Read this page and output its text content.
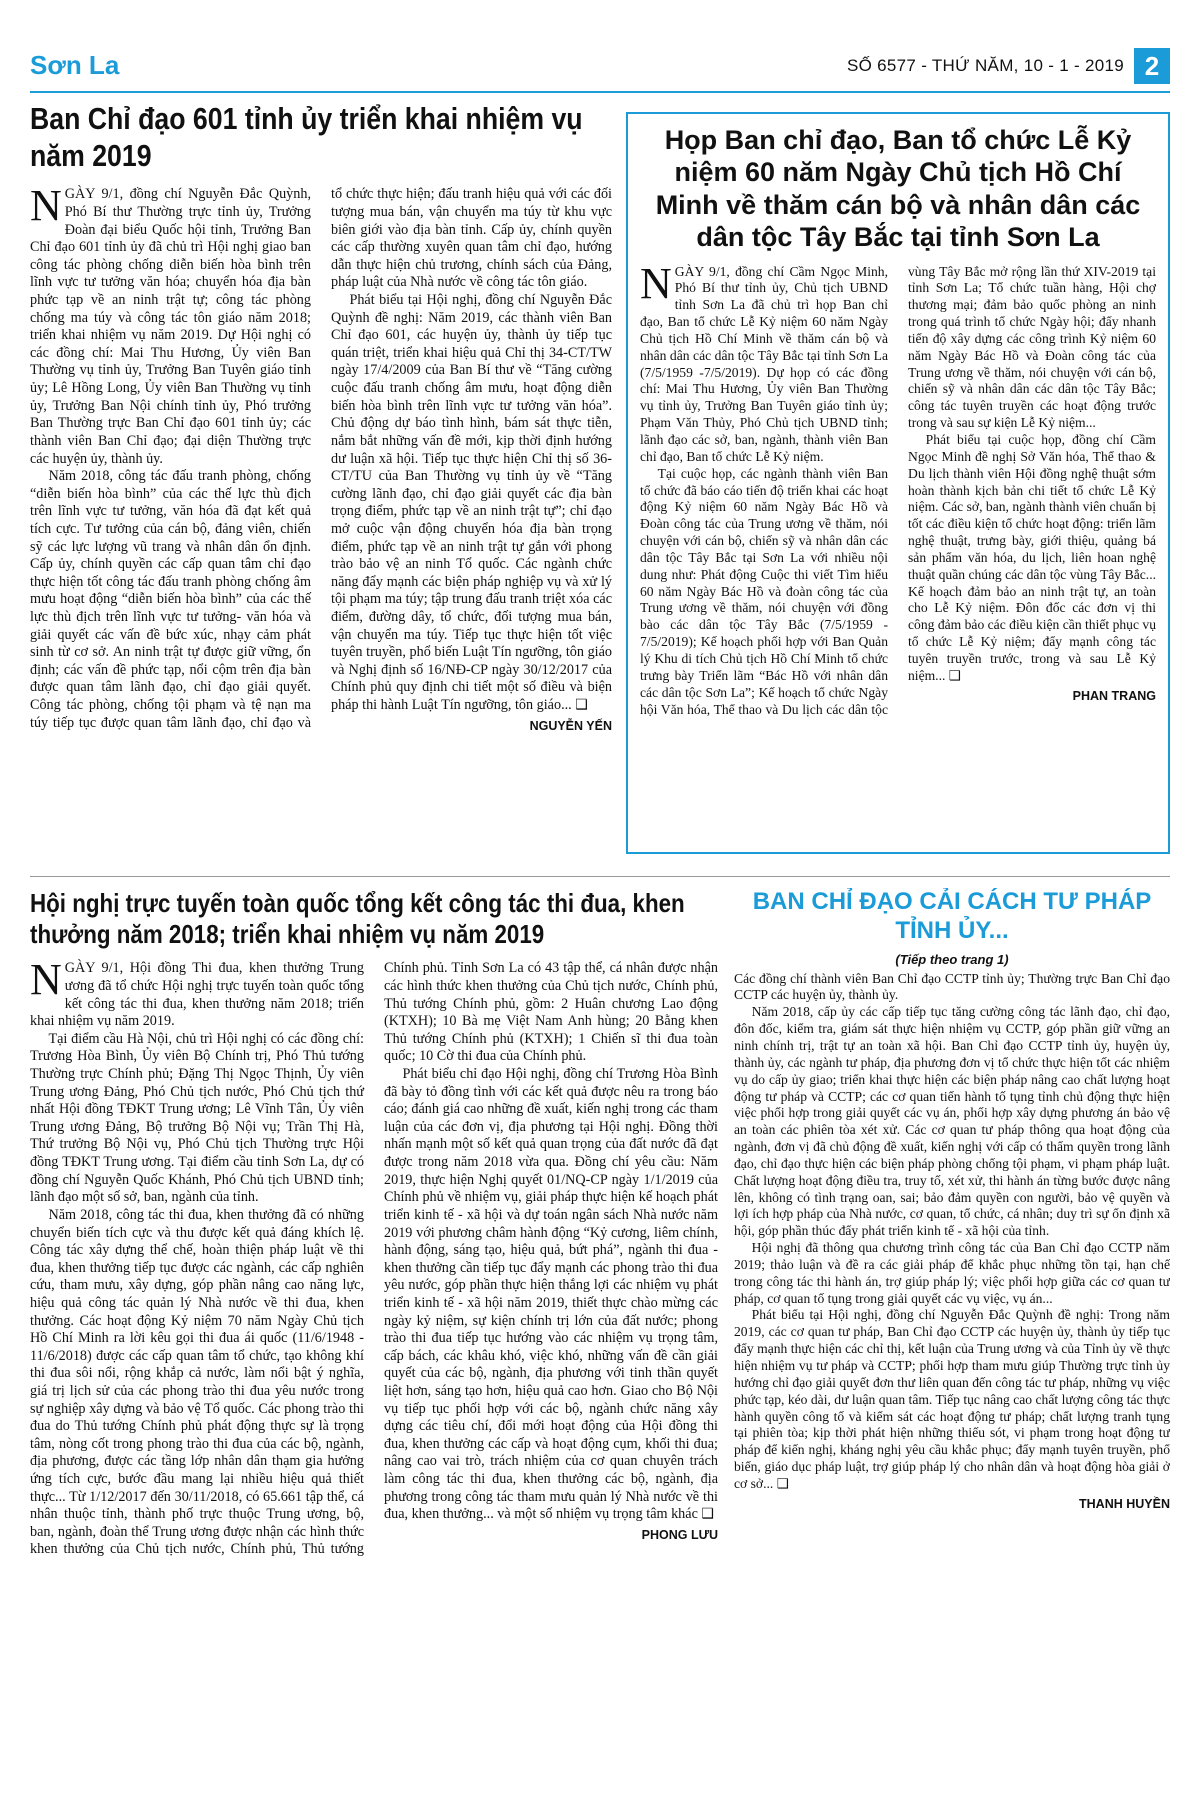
Sơn La	SỐ 6577 - THỨ NĂM, 10 - 1 - 2019 2
Ban Chỉ đạo 601 tỉnh ủy triển khai nhiệm vụ năm 2019

NGÀY 9/1, đồng chí Nguyễn Đắc Quỳnh, Phó Bí thư Thường trực tỉnh ủy, Trưởng Đoàn đại biểu Quốc hội tỉnh, Trưởng Ban Chỉ đạo 601 tỉnh ủy đã chủ trì Hội nghị giao ban công tác phòng chống diễn biến hòa bình trên lĩnh vực tư tưởng văn hóa; chuyển hóa địa bàn phức tạp về an ninh trật tự; công tác phòng chống ma túy và công tác tôn giáo năm 2018; triển khai nhiệm vụ năm 2019. Dự Hội nghị có các đồng chí: Mai Thu Hương, Ủy viên Ban Thường vụ tỉnh ủy, Trưởng Ban Tuyên giáo tỉnh ủy; Lê Hồng Long, Ủy viên Ban Thường vụ tỉnh ủy, Trưởng Ban Nội chính tỉnh ủy, Phó trưởng Ban Thường trực Ban Chỉ đạo 601 tỉnh ủy; các thành viên Ban Chỉ đạo; đại diện Thường trực các huyện ủy, thành ủy.

Năm 2018, công tác đấu tranh phòng, chống “diễn biến hòa bình” của các thế lực thù địch trên lĩnh vực tư tưởng, văn hóa đã đạt kết quả tích cực. Tư tưởng của cán bộ, đảng viên, chiến sỹ các lực lượng vũ trang và nhân dân ổn định. Cấp ủy, chính quyền các cấp quan tâm chỉ đạo thực hiện tốt công tác đấu tranh phòng chống âm mưu hoạt động “diễn biến hòa bình” của các thế lực thù địch trên lĩnh vực tư tưởng- văn hóa và giải quyết các vấn đề bức xúc, nhạy cảm phát sinh từ cơ sở. An ninh trật tự được giữ vững, ổn định; các vấn đề phức tạp, nổi cộm trên địa bàn được quan tâm lãnh đạo, chỉ đạo giải quyết. Công tác phòng, chống tội phạm và tệ nạn ma túy tiếp tục được quan tâm lãnh đạo, chỉ đạo và tổ chức thực hiện; đấu tranh hiệu quả với các đối tượng mua bán, vận chuyển ma túy từ khu vực biên giới vào địa bàn tỉnh. Cấp ủy, chính quyền các cấp thường xuyên quan tâm chỉ đạo, hướng dẫn thực hiện chủ trương, chính sách của Đảng, pháp luật của Nhà nước về công tác tôn giáo.

Phát biểu tại Hội nghị, đồng chí Nguyễn Đắc Quỳnh đề nghị: Năm 2019, các thành viên Ban Chỉ đạo 601, các huyện ủy, thành ủy tiếp tục quán triệt, triển khai hiệu quả Chỉ thị 34-CT/TW ngày 17/4/2009 của Ban Bí thư về “Tăng cường cuộc đấu tranh chống âm mưu, hoạt động diễn biến hòa bình trên lĩnh vực tư tưởng văn hóa”. Chủ động dự báo tình hình, bám sát thực tiễn, nắm bắt những vấn đề mới, kịp thời định hướng dư luận xã hội. Tiếp tục thực hiện Chỉ thị số 36-CT/TU của Ban Thường vụ tỉnh ủy về “Tăng cường lãnh đạo, chỉ đạo giải quyết các địa bàn trọng điểm, phức tạp về an ninh trật tự”; chỉ đạo mở cuộc vận động chuyển hóa địa bàn trọng điểm, phức tạp về an ninh trật tự gắn với phong trào bảo vệ an ninh Tổ quốc. Các ngành chức năng đẩy mạnh các biện pháp nghiệp vụ và xử lý tội phạm ma túy; tập trung đấu tranh triệt xóa các điểm, đường dây, tổ chức, đối tượng mua bán, vận chuyển ma túy. Tiếp tục thực hiện tốt việc tuyên truyền, phổ biến Luật Tín ngưỡng, tôn giáo và Nghị định số 16/NĐ-CP ngày 30/12/2017 của Chính phủ quy định chi tiết một số điều và biện pháp thi hành Luật Tín ngưỡng, tôn giáo... ❑

NGUYỄN YẾN
Họp Ban chỉ đạo, Ban tổ chức Lễ Kỷ niệm 60 năm Ngày Chủ tịch Hồ Chí Minh về thăm cán bộ và nhân dân các dân tộc Tây Bắc tại tỉnh Sơn La

NGÀY 9/1, đồng chí Cầm Ngọc Minh, Phó Bí thư tỉnh ủy, Chủ tịch UBND tỉnh Sơn La đã chủ trì họp Ban chỉ đạo, Ban tổ chức Lễ Kỷ niệm 60 năm Ngày Chủ tịch Hồ Chí Minh về thăm cán bộ và nhân dân các dân tộc Tây Bắc tại tỉnh Sơn La (7/5/1959 -7/5/2019). Dự họp có các đồng chí: Mai Thu Hương, Ủy viên Ban Thường vụ tỉnh ủy, Trưởng Ban Tuyên giáo tỉnh ủy; Phạm Văn Thủy, Phó Chủ tịch UBND tỉnh; lãnh đạo các sở, ban, ngành, thành viên Ban chỉ đạo, Ban tổ chức Lễ Kỷ niệm.

Tại cuộc họp, các ngành thành viên Ban tổ chức đã báo cáo tiến độ triển khai các hoạt động Kỷ niệm 60 năm Ngày Bác Hồ và Đoàn công tác của Trung ương về thăm, nói chuyện với cán bộ, chiến sỹ và nhân dân các dân tộc Tây Bắc tại Sơn La với nhiều nội dung như: Phát động Cuộc thi viết Tìm hiểu 60 năm Ngày Bác Hồ và đoàn công tác của Trung ương về thăm, nói chuyện với đồng bào các dân tộc Tây Bắc (7/5/1959 - 7/5/2019); Kế hoạch phối hợp với Ban Quản lý Khu di tích Chủ tịch Hồ Chí Minh tổ chức trưng bày Triển lãm “Bác Hồ với nhân dân các dân tộc Sơn La”; Kế hoạch tổ chức Ngày hội Văn hóa, Thể thao và Du lịch các dân tộc vùng Tây Bắc mở rộng lần thứ XIV-2019 tại tỉnh Sơn La; Tổ chức tuần hàng, Hội chợ thương mại; đảm bảo quốc phòng an ninh trong quá trình tổ chức Ngày hội; đẩy nhanh tiến độ xây dựng các công trình Kỷ niệm 60 năm Ngày Bác Hồ và Đoàn công tác của Trung ương về thăm, nói chuyện với cán bộ, chiến sỹ và nhân dân các dân tộc Tây Bắc; công tác tuyên truyền các hoạt động trước trong và sau sự kiện Lễ Kỷ niệm...

Phát biểu tại cuộc họp, đồng chí Cầm Ngọc Minh đề nghị Sở Văn hóa, Thể thao & Du lịch thành viên Hội đồng nghệ thuật sớm hoàn thành kịch bản chi tiết tổ chức Lễ Kỷ niệm. Các sở, ban, ngành thành viên chuẩn bị tốt các điều kiện tổ chức hoạt động: triển lãm nghệ thuật, trưng bày, giới thiệu, quảng bá sản phẩm văn hóa, du lịch, liên hoan nghệ thuật quần chúng các dân tộc vùng Tây Bắc... Kế hoạch đảm bảo an ninh trật tự, an toàn cho Lễ Kỷ niệm. Đôn đốc các đơn vị thi công đảm bảo các điều kiện cần thiết phục vụ tổ chức Lễ Kỷ niệm; đẩy mạnh công tác tuyên truyền trước, trong và sau Lễ Kỷ niệm... ❑

PHAN TRANG
Hội nghị trực tuyến toàn quốc tổng kết công tác thi đua, khen thưởng năm 2018; triển khai nhiệm vụ năm 2019

NGÀY 9/1, Hội đồng Thi đua, khen thưởng Trung ương đã tổ chức Hội nghị trực tuyến toàn quốc tổng kết công tác thi đua, khen thưởng năm 2018; triển khai nhiệm vụ năm 2019.

Tại điểm cầu Hà Nội, chủ trì Hội nghị có các đồng chí: Trương Hòa Bình, Ủy viên Bộ Chính trị, Phó Thủ tướng Thường trực Chính phủ; Đặng Thị Ngọc Thịnh, Ủy viên Trung ương Đảng, Phó Chủ tịch nước, Phó Chủ tịch thứ nhất Hội đồng TĐKT Trung ương; Lê Vĩnh Tân, Ủy viên Trung ương Đảng, Bộ trưởng Bộ Nội vụ; Trần Thị Hà, Thứ trưởng Bộ Nội vụ, Phó Chủ tịch Thường trực Hội đồng TĐKT Trung ương. Tại điểm cầu tỉnh Sơn La, dự có đồng chí Nguyễn Quốc Khánh, Phó Chủ tịch UBND tỉnh; lãnh đạo một số sở, ban, ngành của tỉnh.

Năm 2018, công tác thi đua, khen thưởng đã có những chuyển biến tích cực và thu được kết quả đáng khích lệ. Công tác xây dựng thể chế, hoàn thiện pháp luật về thi đua, khen thưởng tiếp tục được các ngành, các cấp nghiên cứu, tham mưu, xây dựng, góp phần nâng cao năng lực, hiệu quả công tác quản lý Nhà nước về thi đua, khen thưởng. Các hoạt động Kỷ niệm 70 năm Ngày Chủ tịch Hồ Chí Minh ra lời kêu gọi thi đua ái quốc (11/6/1948 - 11/6/2018) được các cấp quan tâm tổ chức, tạo không khí thi đua sôi nổi, rộng khắp cả nước, làm nổi bật ý nghĩa, giá trị lịch sử của các phong trào thi đua yêu nước trong sự nghiệp xây dựng và bảo vệ Tổ quốc. Các phong trào thi đua do Thủ tướng Chính phủ phát động thực sự là trọng tâm, nòng cốt trong phong trào thi đua của các bộ, ngành, địa phương, được các tầng lớp nhân dân thạm gia hưởng ứng tích cực, bước đầu mang lại nhiều hiệu quả thiết thực... Từ 1/12/2017 đến 30/11/2018, có 65.661 tập thể, cá nhân thuộc tỉnh, thành phố trực thuộc Trung ương, bộ, ban, ngành, đoàn thể Trung ương được nhận các hình thức khen thưởng của Chủ tịch nước, Chính phủ, Thủ tướng Chính phủ. Tỉnh Sơn La có 43 tập thể, cá nhân được nhận các hình thức khen thưởng của Chủ tịch nước, Chính phủ, Thủ tướng Chính phủ, gồm: 2 Huân chương Lao động (KTXH); 10 Bà mẹ Việt Nam Anh hùng; 20 Bằng khen Thủ tướng Chính phủ (KTXH); 1 Chiến sĩ thi đua toàn quốc; 10 Cờ thi đua của Chính phủ.

Phát biểu chỉ đạo Hội nghị, đồng chí Trương Hòa Bình đã bày tỏ đồng tình với các kết quả được nêu ra trong báo cáo; đánh giá cao những đề xuất, kiến nghị trong các tham luận của các đơn vị, địa phương tại Hội nghị. Đồng thời nhấn mạnh một số kết quả quan trọng của đất nước đã đạt được trong năm 2018 vừa qua. Đồng chí yêu cầu: Năm 2019, thực hiện Nghị quyết 01/NQ-CP ngày 1/1/2019 của Chính phủ về nhiệm vụ, giải pháp thực hiện kế hoạch phát triển kinh tế - xã hội và dự toán ngân sách Nhà nước năm 2019 với phương châm hành động “Kỷ cương, liêm chính, hành động, sáng tạo, hiệu quả, bứt phá”, ngành thi đua - khen thưởng cần tiếp tục đẩy mạnh các phong trào thi đua yêu nước, góp phần thực hiện thắng lợi các nhiệm vụ phát triển kinh tế - xã hội năm 2019, thiết thực chào mừng các ngày kỷ niệm, sự kiện chính trị lớn của đất nước; phong trào thi đua tiếp tục hướng vào các nhiệm vụ trọng tâm, cấp bách, các khâu khó, việc khó, những vấn đề cần giải quyết của các bộ, ngành, địa phương với tinh thần quyết liệt hơn, sáng tạo hơn, hiệu quả cao hơn. Giao cho Bộ Nội vụ tiếp tục phối hợp với các bộ, ngành chức năng xây dựng các tiêu chí, đổi mới hoạt động của Hội đồng thi đua, khen thưởng các cấp và hoạt động cụm, khối thi đua; nâng cao vai trò, trách nhiệm của cơ quan chuyên trách làm công tác thi đua, khen thưởng các bộ, ngành, địa phương trong công tác tham mưu quản lý Nhà nước về thi đua, khen thưởng... và một số nhiệm vụ trọng tâm khác ❑

PHONG LƯU
BAN CHỈ ĐẠO CẢI CÁCH TƯ PHÁP TỈNH ỦY...
(Tiếp theo trang 1)

Các đồng chí thành viên Ban Chỉ đạo CCTP tỉnh ủy; Thường trực Ban Chỉ đạo CCTP các huyện ủy, thành ủy.

Năm 2018, cấp ủy các cấp tiếp tục tăng cường công tác lãnh đạo, chỉ đạo, đôn đốc, kiểm tra, giám sát thực hiện nhiệm vụ CCTP, góp phần giữ vững an ninh chính trị, trật tự an toàn xã hội. Ban Chỉ đạo CCTP tỉnh ủy, huyện ủy, thành ủy, các ngành tư pháp, địa phương đơn vị tổ chức thực hiện tốt các nhiệm vụ do cấp ủy giao; triển khai thực hiện các biện pháp nâng cao chất lượng hoạt động tư pháp và CCTP; các cơ quan tiến hành tố tụng tỉnh chủ động thực hiện việc phối hợp trong giải quyết các vụ án, phối hợp xây dựng phương án bảo vệ an toàn các phiên tòa xét xử. Các cơ quan tư pháp thông qua hoạt động của ngành, đơn vị đã chủ động đề xuất, kiến nghị với cấp có thẩm quyền trong lãnh đạo, chỉ đạo thực hiện các biện pháp phòng chống tội phạm, vi phạm pháp luật. Chất lượng hoạt động điều tra, truy tố, xét xử, thi hành án từng bước được nâng lên, không có tình trạng oan, sai; bảo đảm quyền con người, bảo vệ quyền và lợi ích hợp pháp của Nhà nước, cơ quan, tổ chức, cá nhân; duy trì sự ổn định xã hội, góp phần thúc đẩy phát triển kinh tế - xã hội của tỉnh.

Hội nghị đã thông qua chương trình công tác của Ban Chỉ đạo CCTP năm 2019; thảo luận và đề ra các giải pháp để khắc phục những tồn tại, hạn chế trong công tác thi hành án, trợ giúp pháp lý; việc phối hợp giữa các cơ quan tư pháp, cơ quan tố tụng trong giải quyết các vụ việc, vụ án...

Phát biểu tại Hội nghị, đồng chí Nguyễn Đắc Quỳnh đề nghị: Trong năm 2019, các cơ quan tư pháp, Ban Chỉ đạo CCTP các huyện ủy, thành ủy tiếp tục đẩy mạnh thực hiện các chỉ thị, kết luận của Trung ương và của Tỉnh ủy về thực hiện nhiệm vụ tư pháp và CCTP; phối hợp tham mưu giúp Thường trực tỉnh ủy hướng chỉ đạo giải quyết đơn thư liên quan đến công tác tư pháp, những vụ việc phức tạp, kéo dài, dư luận quan tâm. Tiếp tục nâng cao chất lượng công tác thực hành quyền công tố và kiểm sát các hoạt động tư pháp; chất lượng tranh tụng tại phiên tòa; kịp thời phát hiện những thiếu sót, vi phạm trong hoạt động tư pháp để kiến nghị, kháng nghị yêu cầu khắc phục; đẩy mạnh tuyên truyền, phổ biến, giáo dục pháp luật, trợ giúp pháp lý cho nhân dân và hoạt động hòa giải ở cơ sở... ❑

THANH HUYỀN
